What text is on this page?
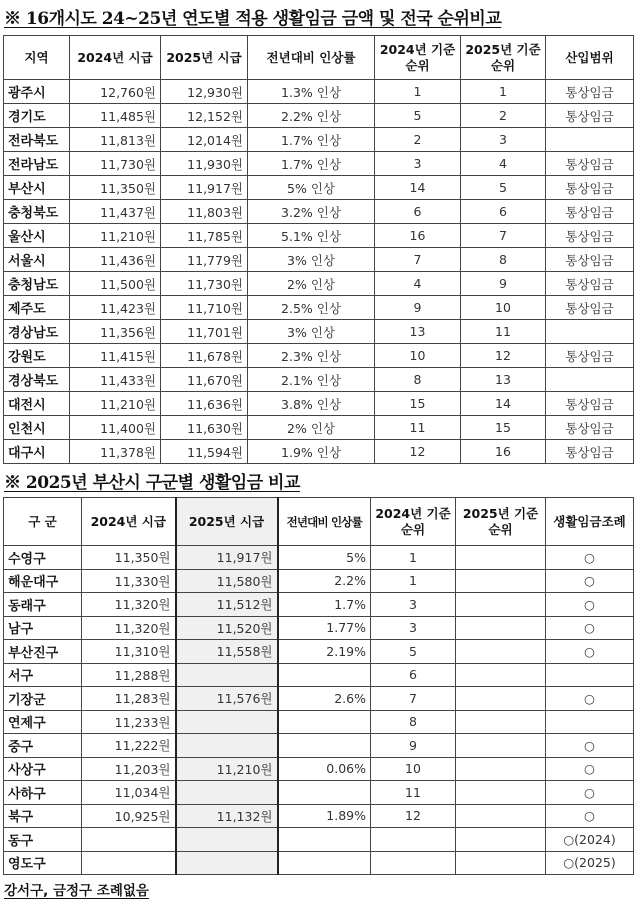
※ 16개시도 24~25년 연도별 적용 생활임금 금액 및 전국 순위비교
지역	2024년 시급	2025년 시급	전년대비 인상률	2024년 기준 순위	2025년 기준 순위	산입범위
광주시	12,760원	12,930원	1.3% 인상	1	1	통상임금
경기도	11,485원	12,152원	2.2% 인상	5	2	통상임금
전라북도	11,813원	12,014원	1.7% 인상	2	3	
전라남도	11,730원	11,930원	1.7% 인상	3	4	통상임금
부산시	11,350원	11,917원	5% 인상	14	5	통상임금
충청북도	11,437원	11,803원	3.2% 인상	6	6	통상임금
울산시	11,210원	11,785원	5.1% 인상	16	7	통상임금
서울시	11,436원	11,779원	3% 인상	7	8	통상임금
충청남도	11,500원	11,730원	2% 인상	4	9	통상임금
제주도	11,423원	11,710원	2.5% 인상	9	10	통상임금
경상남도	11,356원	11,701원	3% 인상	13	11	
강원도	11,415원	11,678원	2.3% 인상	10	12	통상임금
경상북도	11,433원	11,670원	2.1% 인상	8	13	
대전시	11,210원	11,636원	3.8% 인상	15	14	통상임금
인천시	11,400원	11,630원	2% 인상	11	15	통상임금
대구시	11,378원	11,594원	1.9% 인상	12	16	통상임금
※ 2025년 부산시 구군별 생활임금 비교
구 군	2024년 시급	2025년 시급	전년대비 인상률	2024년 기준 순위	2025년 기준 순위	생활임금조례
수영구	11,350원	11,917원	5%	1		○
해운대구	11,330원	11,580원	2.2%	1		○
동래구	11,320원	11,512원	1.7%	3		○
남구	11,320원	11,520원	1.77%	3		○
부산진구	11,310원	11,558원	2.19%	5		○
서구	11,288원			6		
기장군	11,283원	11,576원	2.6%	7		○
연제구	11,233원			8		
중구	11,222원			9		○
사상구	11,203원	11,210원	0.06%	10		○
사하구	11,034원			11		○
북구	10,925원	11,132원	1.89%	12		○
동구						○(2024)
영도구						○(2025)
강서구, 금정구 조례없음
